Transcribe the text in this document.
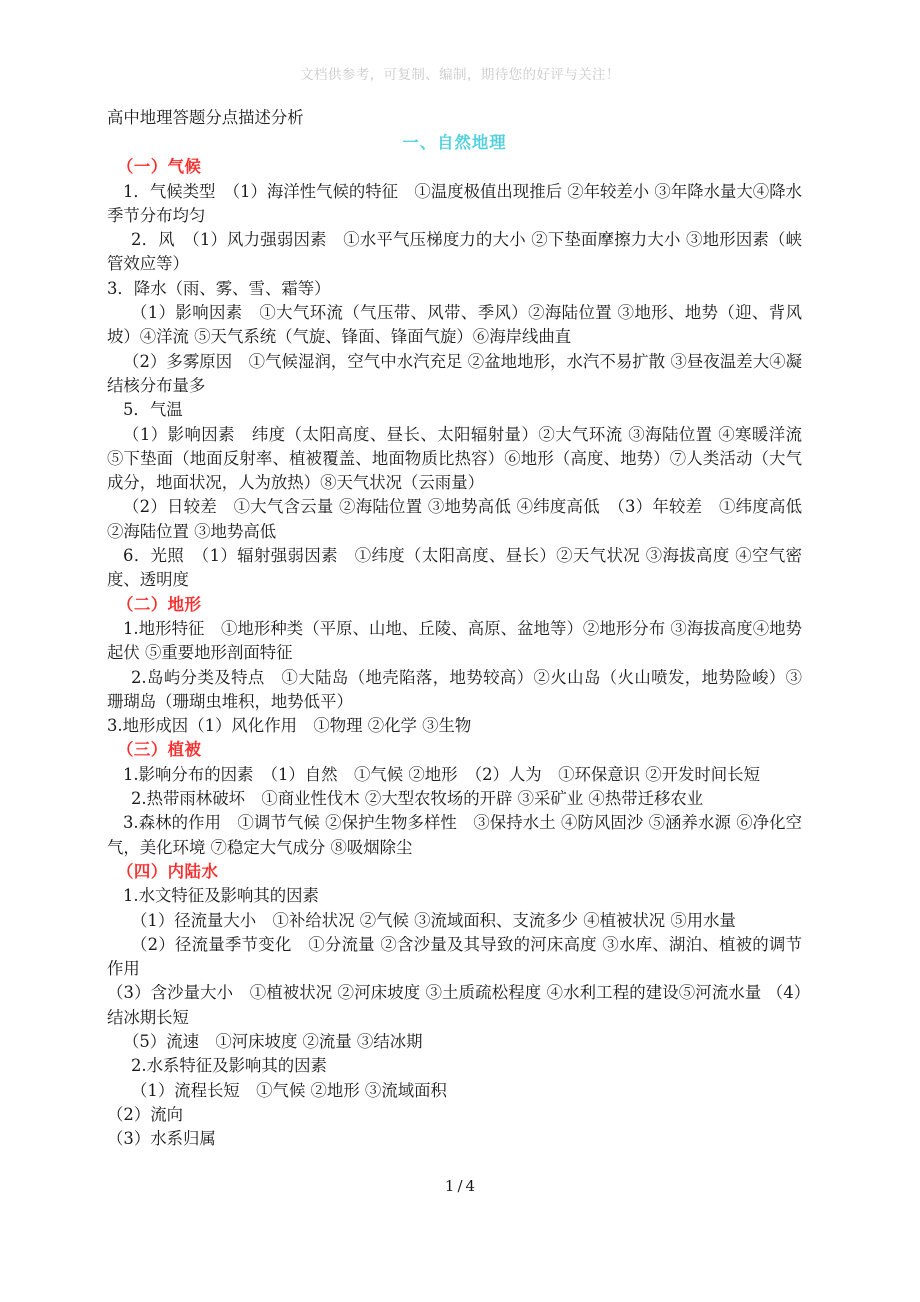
文档供参考，可复制、编制，期待您的好评与关注！

高中地理答题分点描述分析

一、自然地理

（一）气候

1．气候类型　（1）海洋性气候的特征　①温度极值出现推后 ②年较差小 ③年降水量大④降水季节分布均匀

2．风　（1）风力强弱因素　①水平气压梯度力的大小 ②下垫面摩擦力大小 ③地形因素（峡管效应等）

3．降水（雨、雾、雪、霜等）

（1）影响因素　①大气环流（气压带、风带、季风）②海陆位置 ③地形、地势（迎、背风坡）④洋流 ⑤天气系统（气旋、锋面、锋面气旋）⑥海岸线曲直

（2）多雾原因　①气候湿润，空气中水汽充足 ②盆地地形，水汽不易扩散 ③昼夜温差大④凝结核分布量多

5．气温

（1）影响因素　纬度（太阳高度、昼长、太阳辐射量）②大气环流 ③海陆位置 ④寒暖洋流 ⑤下垫面（地面反射率、植被覆盖、地面物质比热容）⑥地形（高度、地势）⑦人类活动（大气成分，地面状况，人为放热）⑧天气状况（云雨量）

（2）日较差　①大气含云量 ②海陆位置 ③地势高低 ④纬度高低　（3）年较差　①纬度高低 ②海陆位置 ③地势高低

6．光照　（1）辐射强弱因素　①纬度（太阳高度、昼长）②天气状况 ③海拔高度 ④空气密度、透明度

（二）地形

1.地形特征　①地形种类（平原、山地、丘陵、高原、盆地等）②地形分布 ③海拔高度④地势起伏 ⑤重要地形剖面特征

2.岛屿分类及特点　①大陆岛（地壳陷落，地势较高）②火山岛（火山喷发，地势险峻）③珊瑚岛（珊瑚虫堆积，地势低平）

3.地形成因（1）风化作用　①物理 ②化学 ③生物

（三）植被

1.影响分布的因素　（1）自然　①气候 ②地形　（2）人为　①环保意识 ②开发时间长短

2.热带雨林破坏　①商业性伐木 ②大型农牧场的开辟 ③采矿业 ④热带迁移农业

3.森林的作用　①调节气候 ②保护生物多样性　③保持水土 ④防风固沙 ⑤涵养水源 ⑥净化空气，美化环境 ⑦稳定大气成分 ⑧吸烟除尘

（四）内陆水

1.水文特征及影响其的因素

（1）径流量大小　①补给状况 ②气候 ③流域面积、支流多少 ④植被状况 ⑤用水量

（2）径流量季节变化　①分流量 ②含沙量及其导致的河床高度 ③水库、湖泊、植被的调节作用

（3）含沙量大小　①植被状况 ②河床坡度 ③土质疏松程度 ④水利工程的建设⑤河流水量 （4）结冰期长短

（5）流速　①河床坡度 ②流量 ③结冰期

2.水系特征及影响其的因素

（1）流程长短　①气候 ②地形 ③流域面积

（2）流向

（3）水系归属

1 / 4
